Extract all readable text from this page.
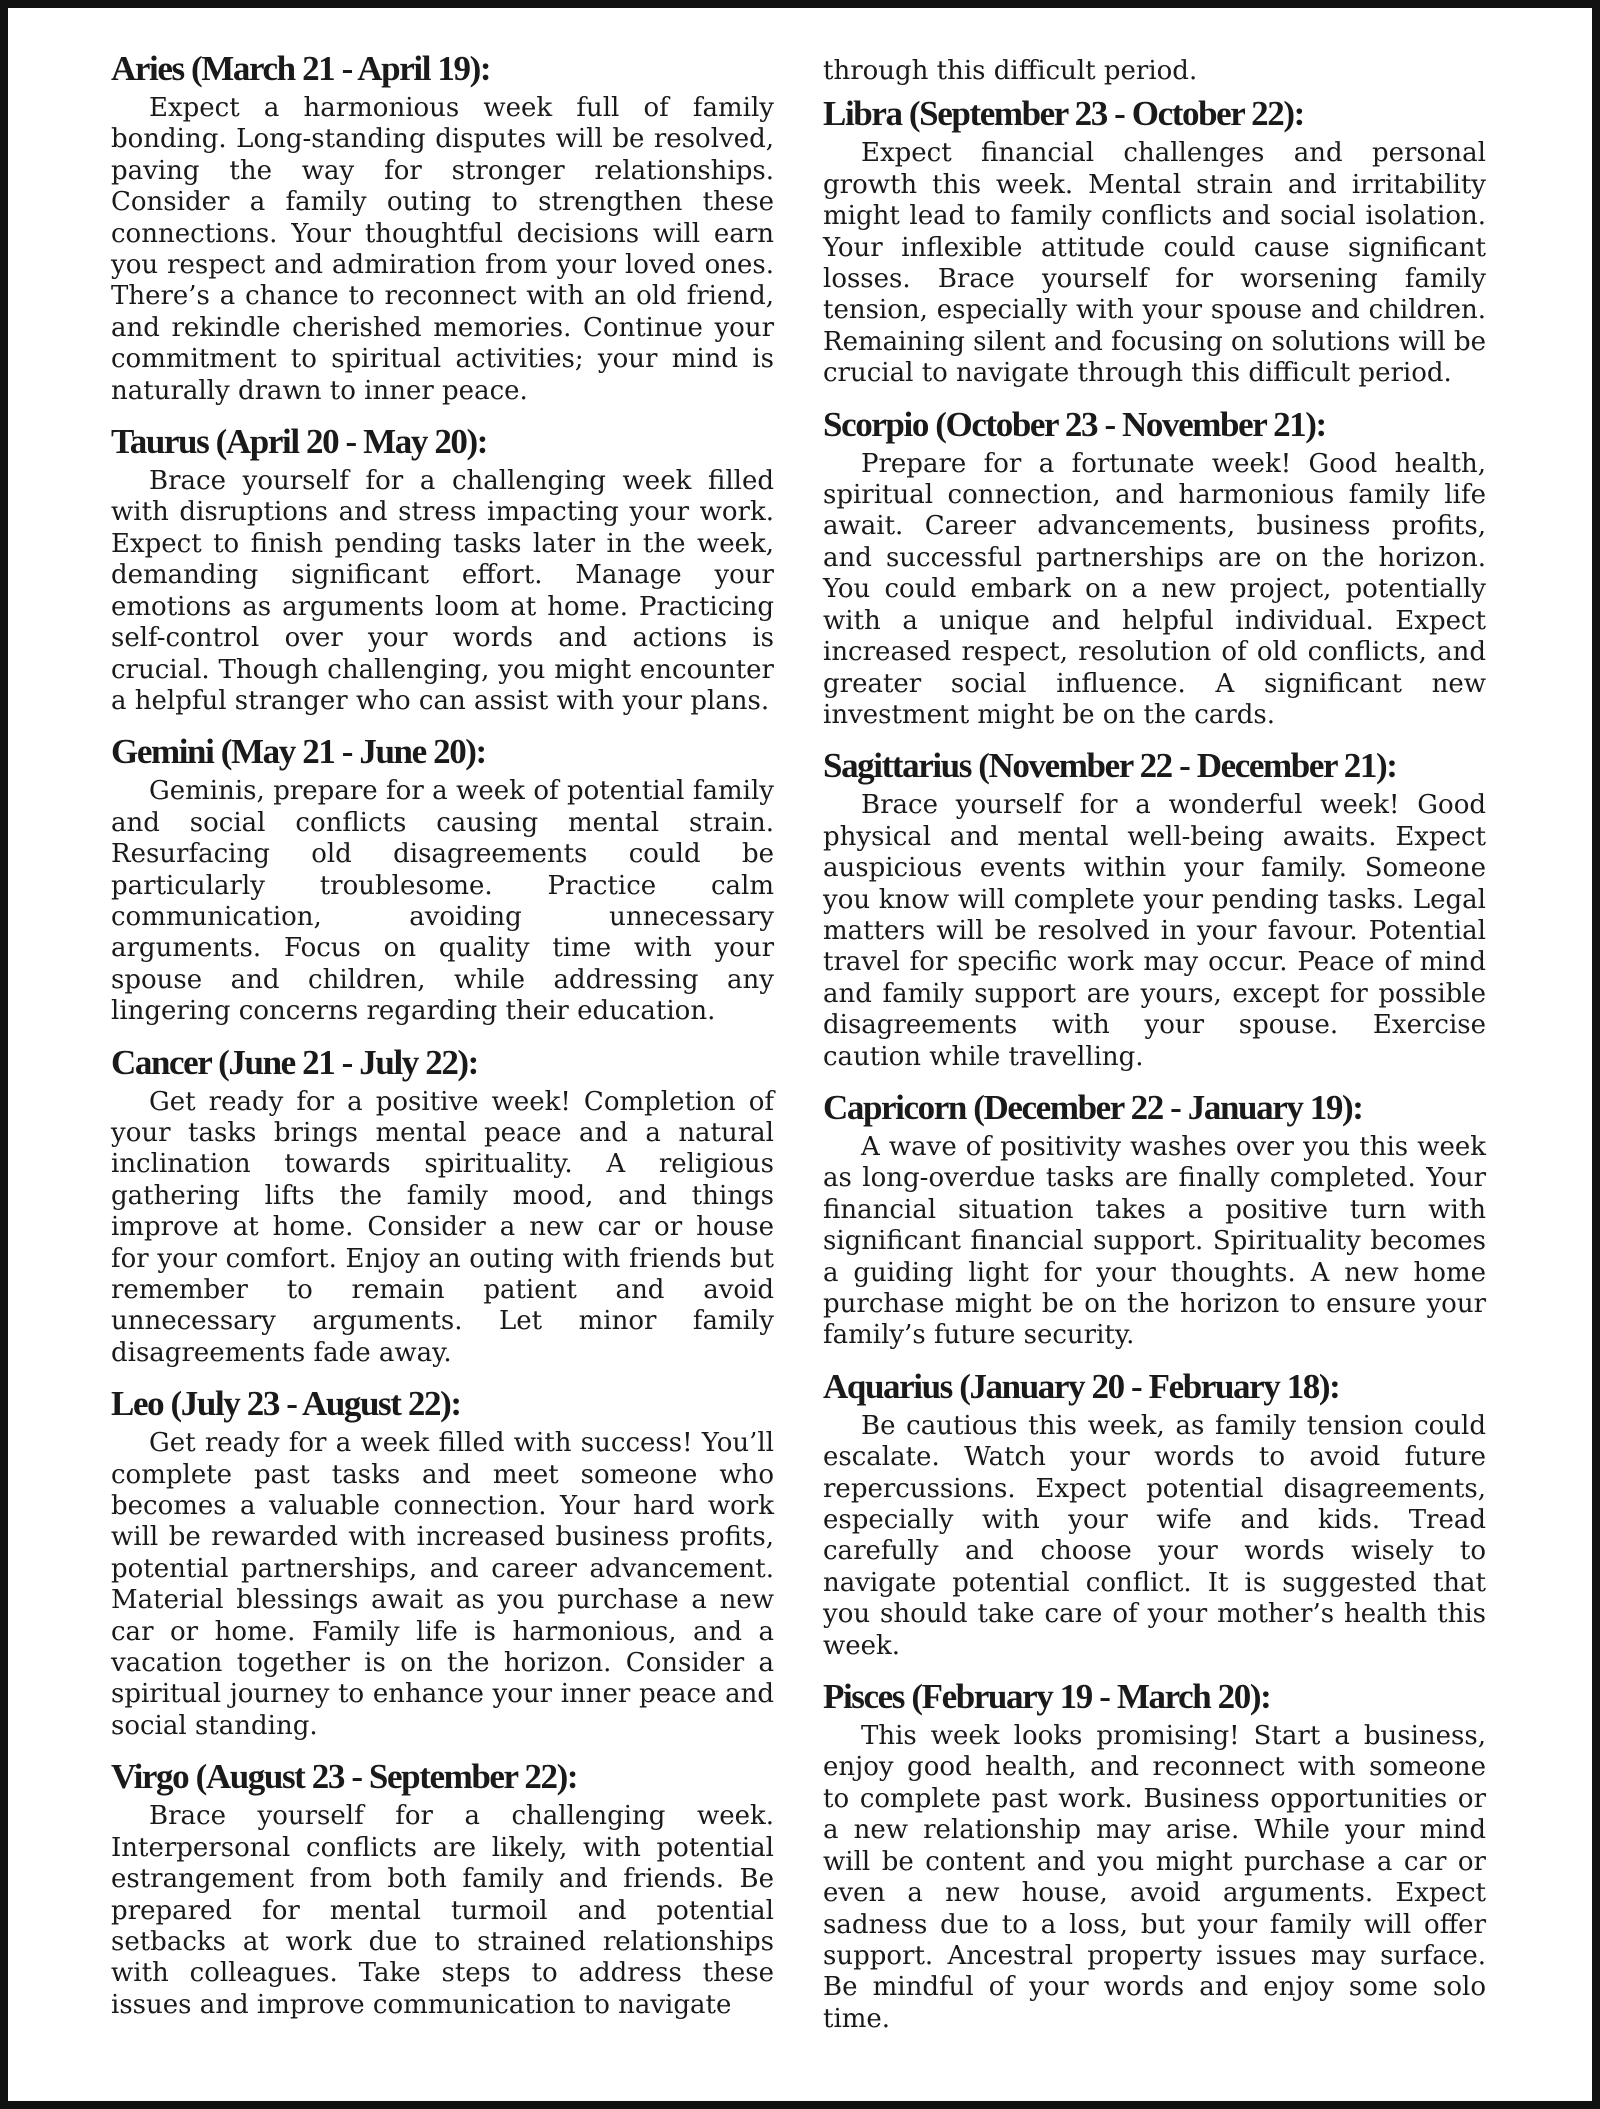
Aries (March 21 - April 19):

Expect a harmonious week full of family bonding. Long-standing disputes will be resolved, paving the way for stronger relationships. Consider a family outing to strengthen these connections. Your thoughtful decisions will earn you respect and admiration from your loved ones. There’s a chance to reconnect with an old friend, and rekindle cherished memories. Continue your commitment to spiritual activities; your mind is naturally drawn to inner peace.

Taurus (April 20 - May 20):

Brace yourself for a challenging week filled with disruptions and stress impacting your work. Expect to finish pending tasks later in the week, demanding significant effort. Manage your emotions as arguments loom at home. Practicing self-control over your words and actions is crucial. Though challenging, you might encounter a helpful stranger who can assist with your plans.

Gemini (May 21 - June 20):

Geminis, prepare for a week of potential family and social conflicts causing mental strain. Resurfacing old disagreements could be particularly troublesome. Practice calm communication, avoiding unnecessary arguments. Focus on quality time with your spouse and children, while addressing any lingering concerns regarding their education.

Cancer (June 21 - July 22):

Get ready for a positive week! Completion of your tasks brings mental peace and a natural inclination towards spirituality. A religious gathering lifts the family mood, and things improve at home. Consider a new car or house for your comfort. Enjoy an outing with friends but remember to remain patient and avoid unnecessary arguments. Let minor family disagreements fade away.

Leo (July 23 - August 22):

Get ready for a week filled with success! You’ll complete past tasks and meet someone who becomes a valuable connection. Your hard work will be rewarded with increased business profits, potential partnerships, and career advancement. Material blessings await as you purchase a new car or home. Family life is harmonious, and a vacation together is on the horizon. Consider a spiritual journey to enhance your inner peace and social standing.

Virgo (August 23 - September 22):

Brace yourself for a challenging week. Interpersonal conflicts are likely, with potential estrangement from both family and friends. Be prepared for mental turmoil and potential setbacks at work due to strained relationships with colleagues. Take steps to address these issues and improve communication to navigate

through this difficult period.
Libra (September 23 - October 22):

Expect financial challenges and personal growth this week. Mental strain and irritability might lead to family conflicts and social isolation. Your inflexible attitude could cause significant losses. Brace yourself for worsening family tension, especially with your spouse and children. Remaining silent and focusing on solutions will be crucial to navigate through this difficult period.

Scorpio (October 23 - November 21):

Prepare for a fortunate week! Good health, spiritual connection, and harmonious family life await. Career advancements, business profits, and successful partnerships are on the horizon. You could embark on a new project, potentially with a unique and helpful individual. Expect increased respect, resolution of old conflicts, and greater social influence. A significant new investment might be on the cards.

Sagittarius (November 22 - December 21):

Brace yourself for a wonderful week! Good physical and mental well-being awaits. Expect auspicious events within your family. Someone you know will complete your pending tasks. Legal matters will be resolved in your favour. Potential travel for specific work may occur. Peace of mind and family support are yours, except for possible disagreements with your spouse. Exercise caution while travelling.

Capricorn (December 22 - January 19):

A wave of positivity washes over you this week as long-overdue tasks are finally completed. Your financial situation takes a positive turn with significant financial support. Spirituality becomes a guiding light for your thoughts. A new home purchase might be on the horizon to ensure your family’s future security.

Aquarius (January 20 - February 18):

Be cautious this week, as family tension could escalate. Watch your words to avoid future repercussions. Expect potential disagreements, especially with your wife and kids. Tread carefully and choose your words wisely to navigate potential conflict. It is suggested that you should take care of your mother’s health this week.

Pisces (February 19 - March 20):

This week looks promising! Start a business, enjoy good health, and reconnect with someone to complete past work. Business opportunities or a new relationship may arise. While your mind will be content and you might purchase a car or even a new house, avoid arguments. Expect sadness due to a loss, but your family will offer support. Ancestral property issues may surface. Be mindful of your words and enjoy some solo time.
